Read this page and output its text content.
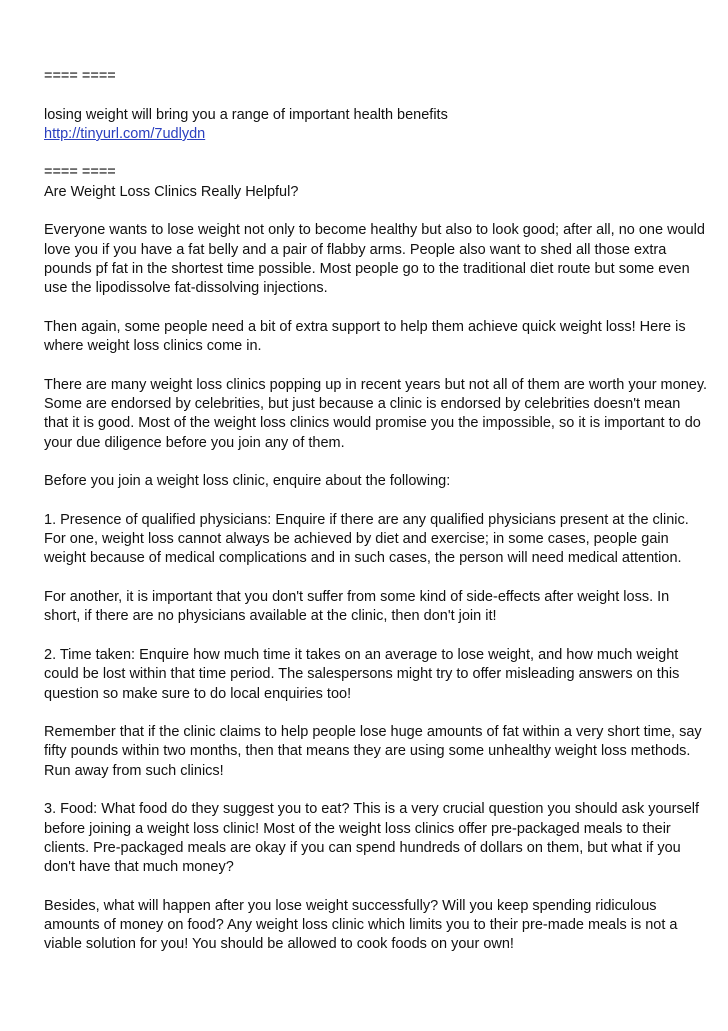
==== ====

losing weight will bring you a range of important health benefits

http://tinyurl.com/7udlydn

==== ====

Are Weight Loss Clinics Really Helpful?

Everyone wants to lose weight not only to become healthy but also to look good; after all, no one would love you if you have a fat belly and a pair of flabby arms. People also want to shed all those extra pounds pf fat in the shortest time possible. Most people go to the traditional diet route but some even use the lipodissolve fat-dissolving injections.

Then again, some people need a bit of extra support to help them achieve quick weight loss! Here is where weight loss clinics come in.

There are many weight loss clinics popping up in recent years but not all of them are worth your money. Some are endorsed by celebrities, but just because a clinic is endorsed by celebrities doesn't mean that it is good. Most of the weight loss clinics would promise you the impossible, so it is important to do your due diligence before you join any of them.

Before you join a weight loss clinic, enquire about the following:

1. Presence of qualified physicians: Enquire if there are any qualified physicians present at the clinic. For one, weight loss cannot always be achieved by diet and exercise; in some cases, people gain weight because of medical complications and in such cases, the person will need medical attention.

For another, it is important that you don't suffer from some kind of side-effects after weight loss. In short, if there are no physicians available at the clinic, then don't join it!

2. Time taken: Enquire how much time it takes on an average to lose weight, and how much weight could be lost within that time period. The salespersons might try to offer misleading answers on this question so make sure to do local enquiries too!

Remember that if the clinic claims to help people lose huge amounts of fat within a very short time, say fifty pounds within two months, then that means they are using some unhealthy weight loss methods. Run away from such clinics!

3. Food: What food do they suggest you to eat? This is a very crucial question you should ask yourself before joining a weight loss clinic! Most of the weight loss clinics offer pre-packaged meals to their clients. Pre-packaged meals are okay if you can spend hundreds of dollars on them, but what if you don't have that much money?

Besides, what will happen after you lose weight successfully? Will you keep spending ridiculous amounts of money on food? Any weight loss clinic which limits you to their pre-made meals is not a viable solution for you! You should be allowed to cook foods on your own!
